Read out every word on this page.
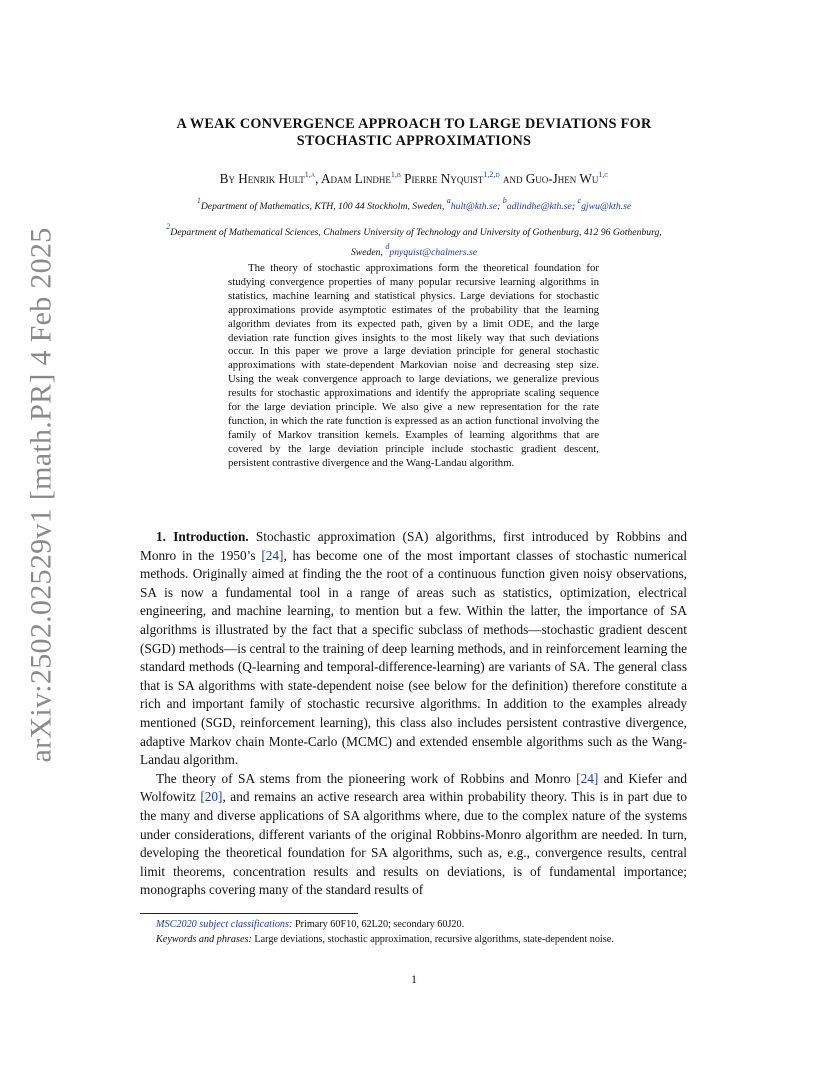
arXiv:2502.02529v1 [math.PR] 4 Feb 2025
A WEAK CONVERGENCE APPROACH TO LARGE DEVIATIONS FOR
STOCHASTIC APPROXIMATIONS
By Henrik Hult$^{1,a}$, Adam Lindhe$^{1,b}$ Pierre Nyquist$^{1,2,d}$ and Guo-Jhen Wu$^{1,c}$
$^1$Department of Mathematics, KTH, 100 44 Stockholm, Sweden, $^a$hult@kth.se; $^b$adlindhe@kth.se; $^c$gjwu@kth.se
$^2$Department of Mathematical Sciences, Chalmers University of Technology and University of Gothenburg, 412 96 Gothenburg, Sweden, $^d$pnyquist@chalmers.se
The theory of stochastic approximations form the theoretical foundation for studying convergence properties of many popular recursive learning algorithms in statistics, machine learning and statistical physics. Large deviations for stochastic approximations provide asymptotic estimates of the probability that the learning algorithm deviates from its expected path, given by a limit ODE, and the large deviation rate function gives insights to the most likely way that such deviations occur. In this paper we prove a large deviation principle for general stochastic approximations with state-dependent Markovian noise and decreasing step size. Using the weak convergence approach to large deviations, we generalize previous results for stochastic approximations and identify the appropriate scaling sequence for the large deviation principle. We also give a new representation for the rate function, in which the rate function is expressed as an action functional involving the family of Markov transition kernels. Examples of learning algorithms that are covered by the large deviation principle include stochastic gradient descent, persistent contrastive divergence and the Wang-Landau algorithm.

1. Introduction. Stochastic approximation (SA) algorithms, first introduced by Robbins and Monro in the 1950’s [24], has become one of the most important classes of stochastic numerical methods. Originally aimed at finding the the root of a continuous function given noisy observations, SA is now a fundamental tool in a range of areas such as statistics, optimization, electrical engineering, and machine learning, to mention but a few. Within the latter, the importance of SA algorithms is illustrated by the fact that a specific subclass of methods—stochastic gradient descent (SGD) methods—is central to the training of deep learning methods, and in reinforcement learning the standard methods (Q-learning and temporal-difference-learning) are variants of SA. The general class that is SA algorithms with state-dependent noise (see below for the definition) therefore constitute a rich and important family of stochastic recursive algorithms. In addition to the examples already mentioned (SGD, reinforcement learning), this class also includes persistent contrastive divergence, adaptive Markov chain Monte-Carlo (MCMC) and extended ensemble algorithms such as the Wang-Landau algorithm.

The theory of SA stems from the pioneering work of Robbins and Monro [24] and Kiefer and Wolfowitz [20], and remains an active research area within probability theory. This is in part due to the many and diverse applications of SA algorithms where, due to the complex nature of the systems under considerations, different variants of the original Robbins-Monro algorithm are needed. In turn, developing the theoretical foundation for SA algorithms, such as, e.g., convergence results, central limit theorems, concentration results and results on deviations, is of fundamental importance; monographs covering many of the standard results of

MSC2020 subject classifications: Primary 60F10, 62L20; secondary 60J20.

Keywords and phrases: Large deviations, stochastic approximation, recursive algorithms, state-dependent noise.

1
